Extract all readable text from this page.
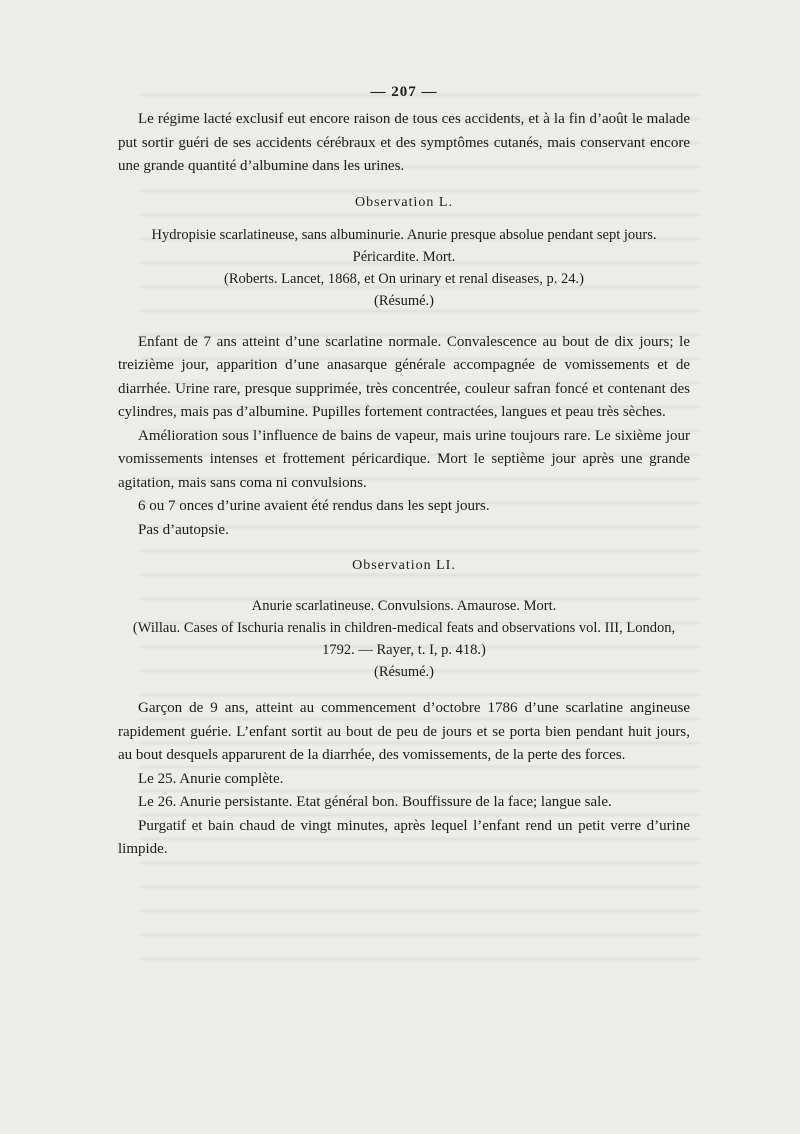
— 207 —

Le régime lacté exclusif eut encore raison de tous ces accidents, et à la fin d’août le malade put sortir guéri de ses accidents cérébraux et des symptômes cutanés, mais conservant encore une grande quantité d’albumine dans les urines.

Observation L.

Hydropisie scarlatineuse, sans albuminurie. Anurie presque absolue pendant sept jours. Péricardite. Mort.

(Roberts. Lancet, 1868, et On urinary et renal diseases, p. 24.)

(Résumé.)

Enfant de 7 ans atteint d’une scarlatine normale. Convalescence au bout de dix jours; le treizième jour, apparition d’une anasarque générale accompagnée de vomissements et de diarrhée. Urine rare, presque supprimée, très concentrée, couleur safran foncé et contenant des cylindres, mais pas d’albumine. Pupilles fortement contractées, langues et peau très sèches.

Amélioration sous l’influence de bains de vapeur, mais urine toujours rare. Le sixième jour vomissements intenses et frottement péricardique. Mort le septième jour après une grande agitation, mais sans coma ni convulsions.

6 ou 7 onces d’urine avaient été rendus dans les sept jours.

Pas d’autopsie.

Observation LI.

Anurie scarlatineuse. Convulsions. Amaurose. Mort.

(Willau. Cases of Ischuria renalis in children-medical feats and observations vol. III, London, 1792. — Rayer, t. I, p. 418.)

(Résumé.)

Garçon de 9 ans, atteint au commencement d’octobre 1786 d’une scarlatine angineuse rapidement guérie. L’enfant sortit au bout de peu de jours et se porta bien pendant huit jours, au bout desquels apparurent de la diarrhée, des vomissements, de la perte des forces.

Le 25. Anurie complète.

Le 26. Anurie persistante. Etat général bon. Bouffissure de la face; langue sale.

Purgatif et bain chaud de vingt minutes, après lequel l’enfant rend un petit verre d’urine limpide.
